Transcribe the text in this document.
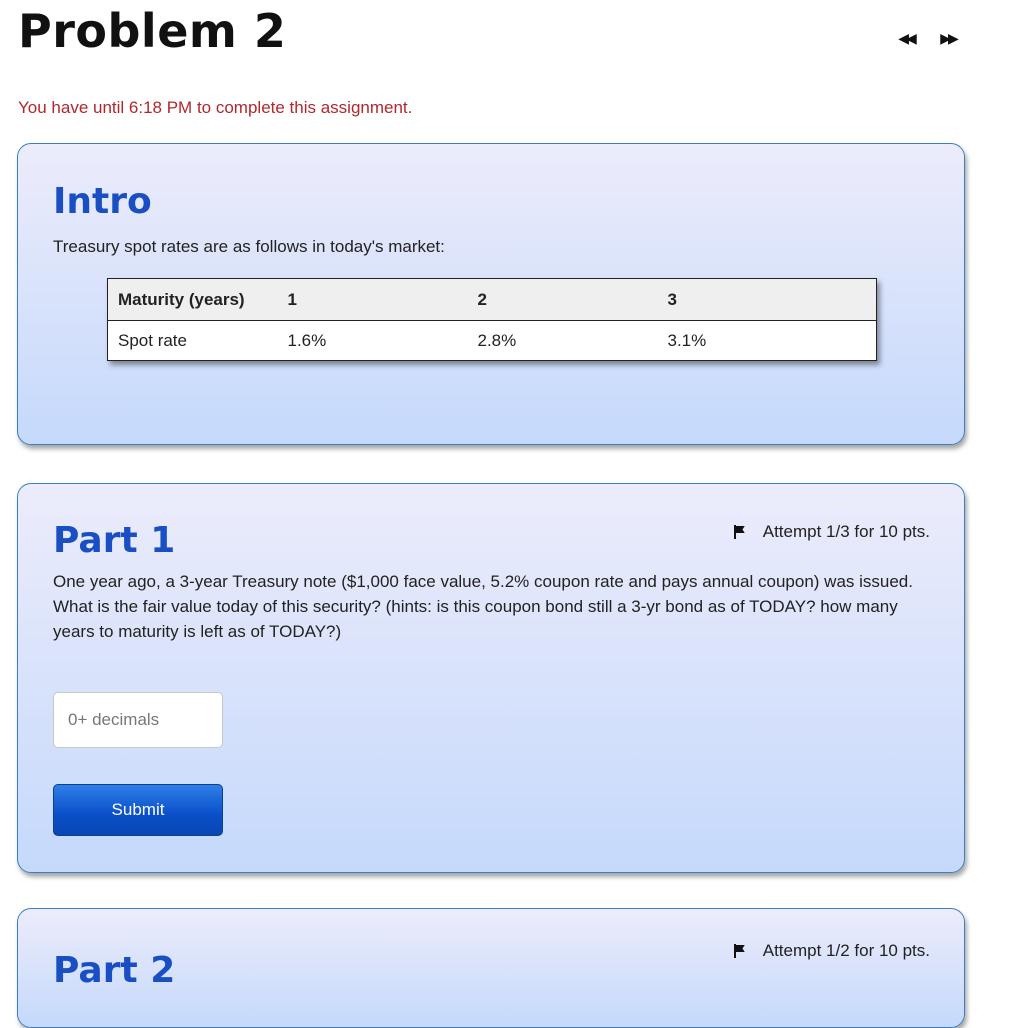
Problem 2	◀◀ ▶▶
You have until 6:18 PM to complete this assignment.
Intro
Treasury spot rates are as follows in today's market:
Maturity (years)	1	2	3
Spot rate	1.6%	2.8%	3.1%
Part 1	Attempt 1/3 for 10 pts.
One year ago, a 3-year Treasury note ($1,000 face value, 5.2% coupon rate and pays annual coupon) was issued. What is the fair value today of this security? (hints: is this coupon bond still a 3-yr bond as of TODAY? how many years to maturity is left as of TODAY?)
0+ decimals
Submit
Part 2	Attempt 1/2 for 10 pts.
